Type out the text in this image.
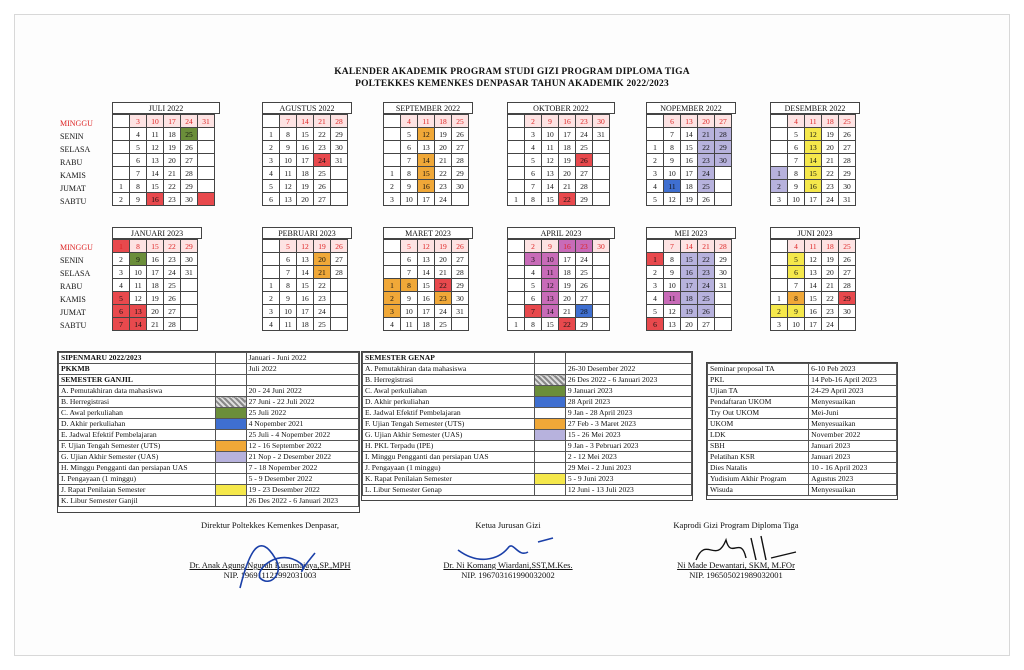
KALENDER AKADEMIK PROGRAM STUDI GIZI PROGRAM DIPLOMA TIGA
POLTEKKES KEMENKES DENPASAR TAHUN AKADEMIK 2022/2023
MINGGU
SENIN
SELASA
RABU
KAMIS
JUMAT
SABTU
MINGGU
SENIN
SELASA
RABU
KAMIS
JUMAT
SABTU
JULI 2022
	3	10	17	24	31
	4	11	18	25	
	5	12	19	26	
	6	13	20	27	
	7	14	21	28	
1	8	15	22	29	
2	9	16	23	30	
AGUSTUS 2022
	7	14	21	28
1	8	15	22	29
2	9	16	23	30
3	10	17	24	31
4	11	18	25	
5	12	19	26	
6	13	20	27	
SEPTEMBER 2022
	4	11	18	25
	5	12	19	26
	6	13	20	27
	7	14	21	28
1	8	15	22	29
2	9	16	23	30
3	10	17	24	
OKTOBER 2022
	2	9	16	23	30
	3	10	17	24	31
	4	11	18	25	
	5	12	19	26	
	6	13	20	27	
	7	14	21	28	
1	8	15	22	29	
NOPEMBER 2022
	6	13	20	27
	7	14	21	28
1	8	15	22	29
2	9	16	23	30
3	10	17	24	
4	11	18	25	
5	12	19	26	
DESEMBER 2022
	4	11	18	25
	5	12	19	26
	6	13	20	27
	7	14	21	28
1	8	15	22	29
2	9	16	23	30
3	10	17	24	31
JANUARI 2023
1	8	15	22	29
2	9	16	23	30
3	10	17	24	31
4	11	18	25	
5	12	19	26	
6	13	20	27	
7	14	21	28	
PEBRUARI 2023
	5	12	19	26
	6	13	20	27
	7	14	21	28
1	8	15	22	
2	9	16	23	
3	10	17	24	
4	11	18	25	
MARET 2023
	5	12	19	26
	6	13	20	27
	7	14	21	28
1	8	15	22	29
2	9	16	23	30
3	10	17	24	31
4	11	18	25	
APRIL 2023
	2	9	16	23	30
	3	10	17	24	
	4	11	18	25	
	5	12	19	26	
	6	13	20	27	
	7	14	21	28	
1	8	15	22	29	
MEI 2023
	7	14	21	28
1	8	15	22	29
2	9	16	23	30
3	10	17	24	31
4	11	18	25	
5	12	19	26	
6	13	20	27	
JUNI 2023
	4	11	18	25
	5	12	19	26
	6	13	20	27
	7	14	21	28
1	8	15	22	29
2	9	16	23	30
3	10	17	24	
SIPENMARU 2022/2023		Januari - Juni 2022
PKKMB		Juli 2022
SEMESTER GANJIL		
A. Pemutakhiran data mahasiswa		20 - 24 Juni 2022
B. Herregistrasi		27 Juni - 22 Juli 2022
C. Awal perkuliahan		25 Juli 2022
D. Akhir perkuliahan		4 Nopember 2021
E. Jadwal Efektif Pembelajaran		25 Juli - 4 Nopember 2022
F. Ujian Tengah Semester (UTS)		12 - 16 September 2022
G. Ujian Akhir Semester (UAS)		21 Nop - 2 Desember 2022
H. Minggu Pengganti dan persiapan UAS		7 - 18 Nopember 2022
I. Pengayaan (1 minggu)		5 - 9 Desember 2022
J. Rapat Penilaian Semester		19 - 23 Desember 2022
K. Libur Semester Ganjil		26 Des 2022 - 6 Januari 2023
SEMESTER GENAP		
A. Pemutakhiran data mahasiswa		26-30 Desember 2022
B. Herregistrasi		26 Des 2022 - 6 Januari 2023
C. Awal perkuliahan		9 Januari 2023
D. Akhir perkuliahan		28 April 2023
E. Jadwal Efektif Pembelajaran		9 Jan - 28 April 2023
F. Ujian Tengah Semester (UTS)		27 Feb - 3 Maret 2023
G. Ujian Akhir Semester (UAS)		15 - 26 Mei 2023
H. PKL Terpadu (IPE)		9 Jan - 3 Pebruari 2023
I. Minggu Pengganti dan persiapan UAS		2 - 12 Mei 2023
J. Pengayaan (1 minggu)		29 Mei - 2 Juni 2023
K. Rapat Penilaian Semester		5 - 9 Juni 2023
L. Libur Semester Genap		12 Juni - 13 Juli 2023
Seminar proposal TA	6-10 Peb 2023
PKL	14 Peb-16 April 2023
Ujian TA	24-29 April 2023
Pendaftaran UKOM	Menyesuaikan
Try Out UKOM	Mei-Juni
UKOM	Menyesuaikan
LDK	November 2022
SBH	Januari 2023
Pelatihan KSR	Januari 2023
Dies Natalis	10 - 16 April 2023
Yudisium Akhir Program	Agustus 2023
Wisuda	Menyesuaikan
Direktur Poltekkes Kemenkes Denpasar,
Dr. Anak Agung Ngurah Kusumajaya,SP.,MPH
NIP. 196911121992031003
Ketua Jurusan Gizi
Dr. Ni Komang Wiardani,SST,M.Kes.
NIP. 196703161990032002
Kaprodi Gizi Program Diploma Tiga
Ni Made Dewantari, SKM, M.FOr
NIP. 196505021989032001
